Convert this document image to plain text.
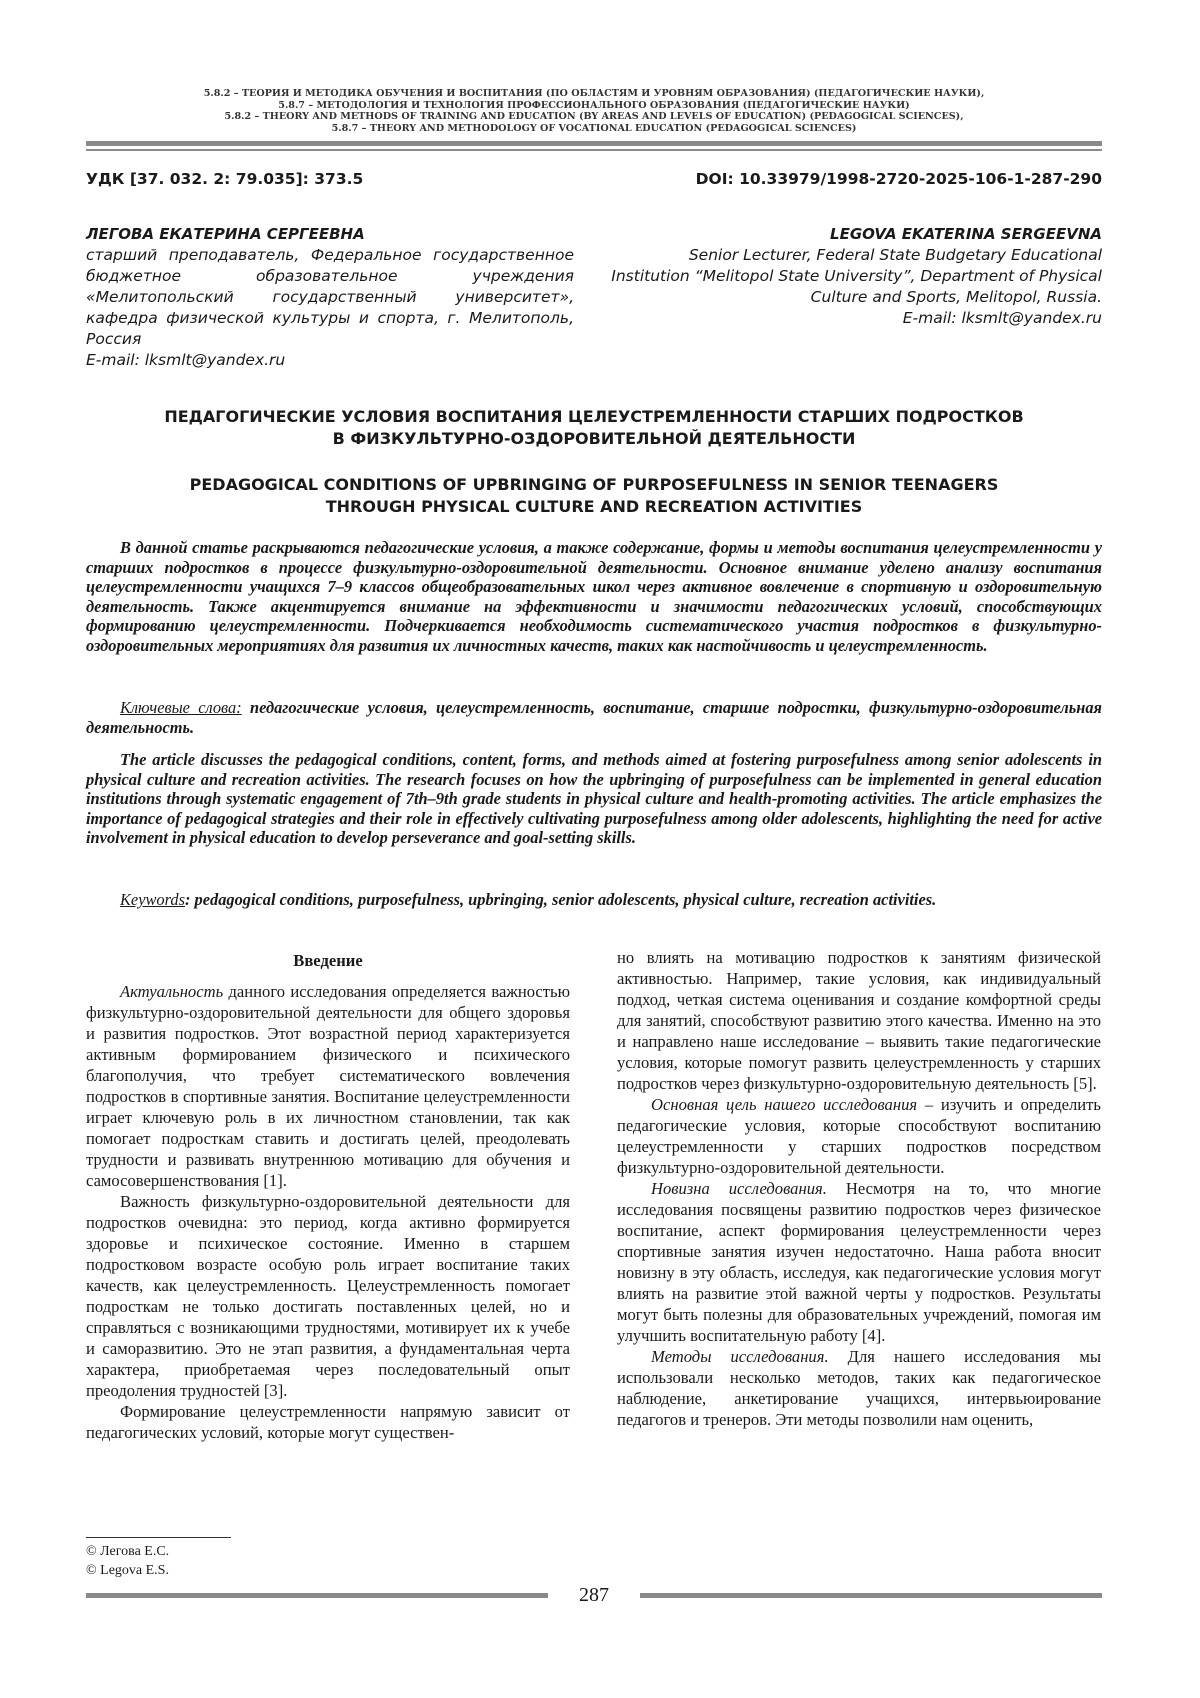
5.8.2 – ТЕОРИЯ И МЕТОДИКА ОБУЧЕНИЯ И ВОСПИТАНИЯ (ПО ОБЛАСТЯМ И УРОВНЯМ ОБРАЗОВАНИЯ) (ПЕДАГОГИЧЕСКИЕ НАУКИ),
5.8.7 – МЕТОДОЛОГИЯ И ТЕХНОЛОГИЯ ПРОФЕССИОНАЛЬНОГО ОБРАЗОВАНИЯ (ПЕДАГОГИЧЕСКИЕ НАУКИ)
5.8.2 – THEORY AND METHODS OF TRAINING AND EDUCATION (BY AREAS AND LEVELS OF EDUCATION) (PEDAGOGICAL SCIENCES),
5.8.7 – THEORY AND METHODOLOGY OF VOCATIONAL EDUCATION (PEDAGOGICAL SCIENCES)
УДК [37. 032. 2: 79.035]: 373.5	DOI: 10.33979/1998-2720-2025-106-1-287-290
ЛЕГОВА ЕКАТЕРИНА СЕРГЕЕВНА
старший преподаватель, Федеральное государственное бюджетное образовательное учреждения «Мелитопольский государственный университет», кафедра физической культуры и спорта, г. Мелитополь, Россия
E-mail: lksmlt@yandex.ru
LEGOVA EKATERINA SERGEEVNA
Senior Lecturer, Federal State Budgetary Educational Institution “Melitopol State University”, Department of Physical Culture and Sports, Melitopol, Russia.
E-mail: lksmlt@yandex.ru
ПЕДАГОГИЧЕСКИЕ УСЛОВИЯ ВОСПИТАНИЯ ЦЕЛЕУСТРЕМЛЕННОСТИ СТАРШИХ ПОДРОСТКОВ
В ФИЗКУЛЬТУРНО-ОЗДОРОВИТЕЛЬНОЙ ДЕЯТЕЛЬНОСТИ
PEDAGOGICAL CONDITIONS OF UPBRINGING OF PURPOSEFULNESS IN SENIOR TEENAGERS
THROUGH PHYSICAL CULTURE AND RECREATION ACTIVITIES
В данной статье раскрываются педагогические условия, а также содержание, формы и методы воспитания целеустремленности у старших подростков в процессе физкультурно-оздоровительной деятельности. Основное внимание уделено анализу воспитания целеустремленности учащихся 7–9 классов общеобразовательных школ через активное вовлечение в спортивную и оздоровительную деятельность. Также акцентируется внимание на эффективности и значимости педагогических условий, способствующих формированию целеустремленности. Подчеркивается необходимость систематического участия подростков в физкультурно-оздоровительных мероприятиях для развития их личностных качеств, таких как настойчивость и целеустремленность.
Ключевые слова: педагогические условия, целеустремленность, воспитание, старшие подростки, физкультурно-оздоровительная деятельность.
The article discusses the pedagogical conditions, content, forms, and methods aimed at fostering purposefulness among senior adolescents in physical culture and recreation activities. The research focuses on how the upbringing of purposefulness can be implemented in general education institutions through systematic engagement of 7th–9th grade students in physical culture and health-promoting activities. The article emphasizes the importance of pedagogical strategies and their role in effectively cultivating purposefulness among older adolescents, highlighting the need for active involvement in physical education to develop perseverance and goal-setting skills.
Keywords: pedagogical conditions, purposefulness, upbringing, senior adolescents, physical culture, recreation activities.

Введение

Актуальность данного исследования определяется важностью физкультурно-оздоровительной деятельности для общего здоровья и развития подростков. Этот возрастной период характеризуется активным формированием физического и психического благополучия, что требует систематического вовлечения подростков в спортивные занятия. Воспитание целеустремленности играет ключевую роль в их личностном становлении, так как помогает подросткам ставить и достигать целей, преодолевать трудности и развивать внутреннюю мотивацию для обучения и самосовершенствования [1].

Важность физкультурно-оздоровительной деятельности для подростков очевидна: это период, когда активно формируется здоровье и психическое состояние. Именно в старшем подростковом возрасте особую роль играет воспитание таких качеств, как целеустремленность. Целеустремленность помогает подросткам не только достигать поставленных целей, но и справляться с возникающими трудностями, мотивирует их к учебе и саморазвитию. Это не этап развития, а фундаментальная черта характера, приобретаемая через последовательный опыт преодоления трудностей [3].

Формирование целеустремленности напрямую зависит от педагогических условий, которые могут существен-

но влиять на мотивацию подростков к занятиям физической активностью. Например, такие условия, как индивидуальный подход, четкая система оценивания и создание комфортной среды для занятий, способствуют развитию этого качества. Именно на это и направлено наше исследование – выявить такие педагогические условия, которые помогут развить целеустремленность у старших подростков через физкультурно-оздоровительную деятельность [5].

Основная цель нашего исследования – изучить и определить педагогические условия, которые способствуют воспитанию целеустремленности у старших подростков посредством физкультурно-оздоровительной деятельности.

Новизна исследования. Несмотря на то, что многие исследования посвящены развитию подростков через физическое воспитание, аспект формирования целеустремленности через спортивные занятия изучен недостаточно. Наша работа вносит новизну в эту область, исследуя, как педагогические условия могут влиять на развитие этой важной черты у подростков. Результаты могут быть полезны для образовательных учреждений, помогая им улучшить воспитательную работу [4].

Методы исследования. Для нашего исследования мы использовали несколько методов, таких как педагогическое наблюдение, анкетирование учащихся, интервьюирование педагогов и тренеров. Эти методы позволили нам оценить,

© Легова Е.С.
© Legova E.S.
287
